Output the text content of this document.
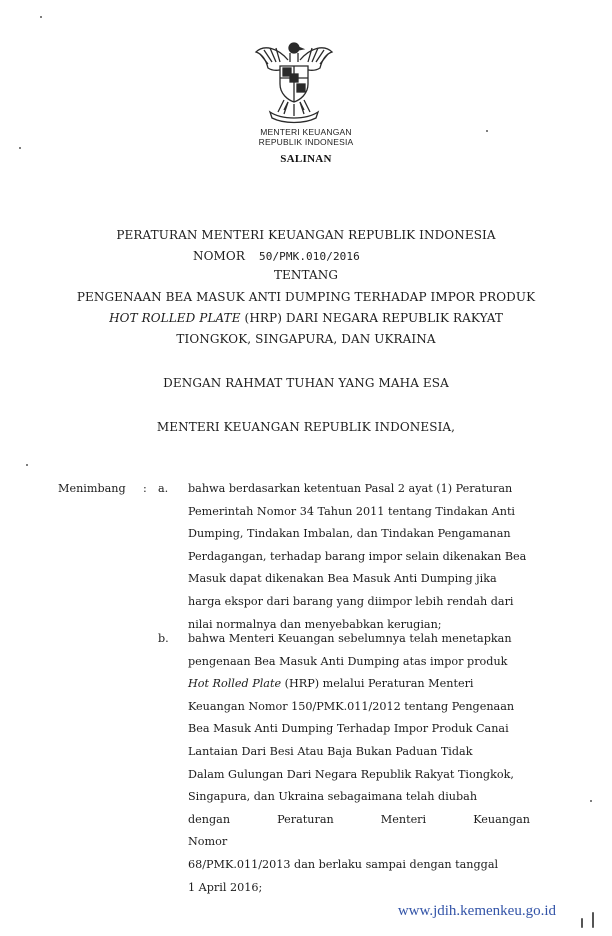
MENTERI KEUANGAN
REPUBLIK INDONESIA
SALINAN
PERATURAN MENTERI KEUANGAN REPUBLIK INDONESIA
NOMOR 50/PMK.010/2016
TENTANG
PENGENAAN BEA MASUK ANTI DUMPING TERHADAP IMPOR PRODUK
HOT ROLLED PLATE (HRP) DARI NEGARA REPUBLIK RAKYAT
TIONGKOK, SINGAPURA, DAN UKRAINA
DENGAN RAHMAT TUHAN YANG MAHA ESA
MENTERI KEUANGAN REPUBLIK INDONESIA,
Menimbang : a. bahwa berdasarkan ketentuan Pasal 2 ayat (1) Peraturan

Pemerintah Nomor 34 Tahun 2011 tentang Tindakan Anti

Dumping, Tindakan Imbalan, dan Tindakan Pengamanan

Perdagangan, terhadap barang impor selain dikenakan Bea

Masuk dapat dikenakan Bea Masuk Anti Dumping jika

harga ekspor dari barang yang diimpor lebih rendah dari

nilai normalnya dan menyebabkan kerugian;

b. bahwa Menteri Keuangan sebelumnya telah menetapkan

pengenaan Bea Masuk Anti Dumping atas impor produk

Hot Rolled Plate (HRP) melalui Peraturan Menteri

Keuangan Nomor 150/PMK.011/2012 tentang Pengenaan

Bea Masuk Anti Dumping Terhadap Impor Produk Canai

Lantaian Dari Besi Atau Baja Bukan Paduan Tidak

Dalam Gulungan Dari Negara Republik Rakyat Tiongkok,

Singapura, dan Ukraina sebagaimana telah diubah

dengan Peraturan Menteri Keuangan Nomor

68/PMK.011/2013 dan berlaku sampai dengan tanggal

1 April 2016;

www.jdih.kemenkeu.go.id
